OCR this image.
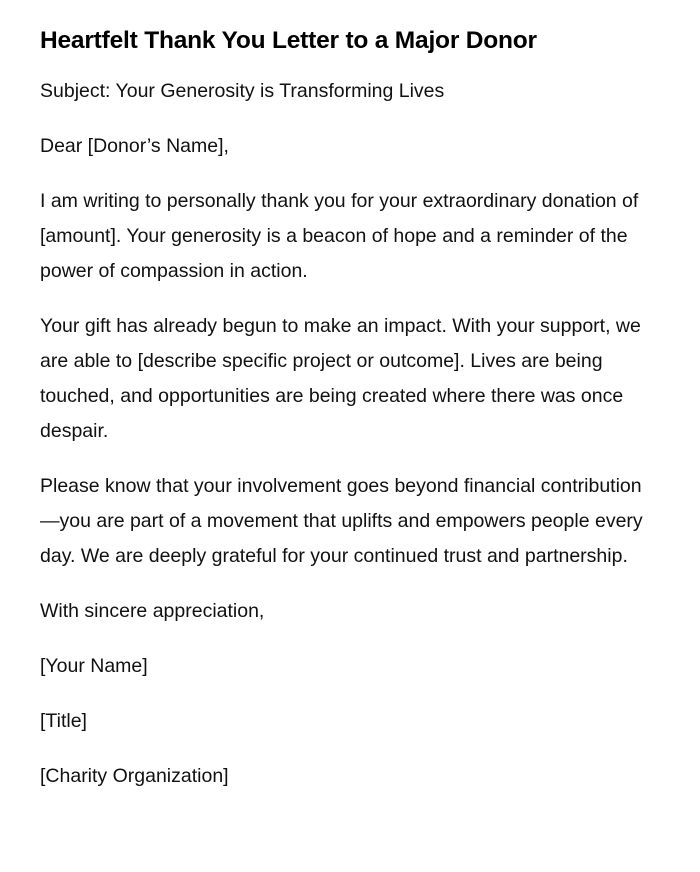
Heartfelt Thank You Letter to a Major Donor

Subject: Your Generosity is Transforming Lives

Dear [Donor’s Name],

I am writing to personally thank you for your extraordinary donation of [amount]. Your generosity is a beacon of hope and a reminder of the power of compassion in action.

Your gift has already begun to make an impact. With your support, we are able to [describe specific project or outcome]. Lives are being touched, and opportunities are being created where there was once despair.

Please know that your involvement goes beyond financial contribution—you are part of a movement that uplifts and empowers people every day. We are deeply grateful for your continued trust and partnership.

With sincere appreciation,

[Your Name]

[Title]

[Charity Organization]
